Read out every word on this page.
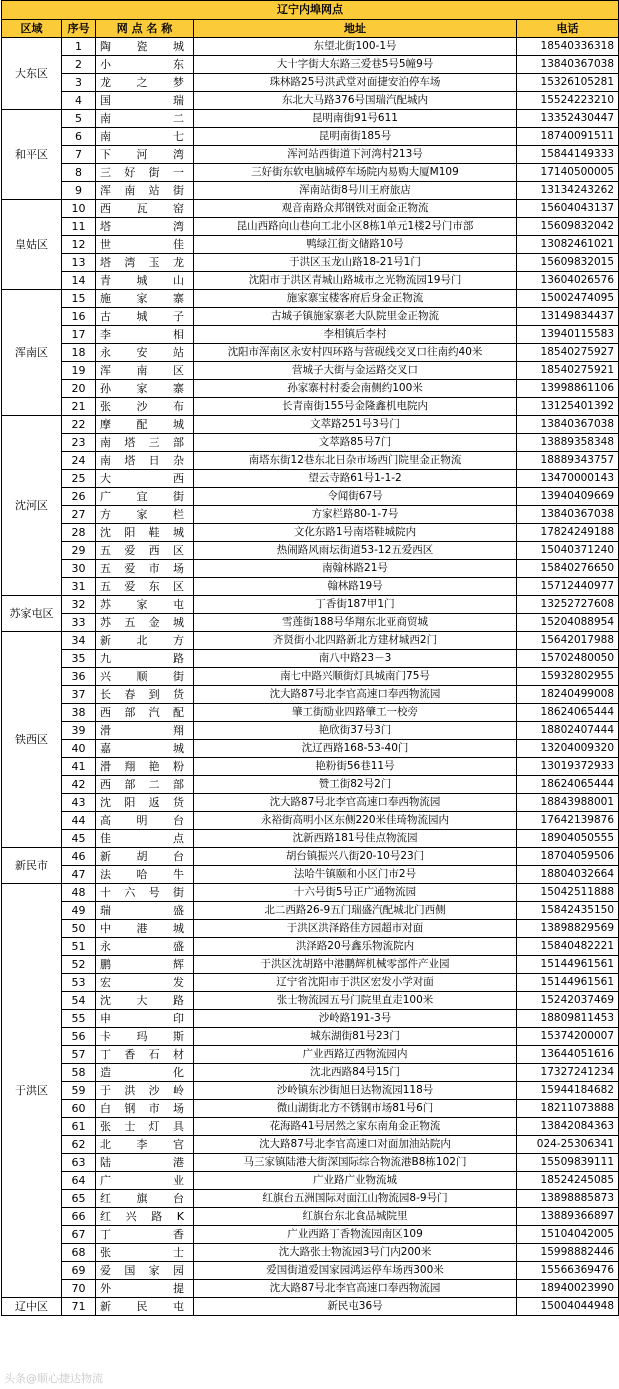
辽宁内埠网点				
区域	序号	网 点 名 称	地址	电话
大东区	1	陶 瓷 城	东望北街100-1号	18540336318
	2	小 东	大十字街大东路三爱巷5号5幢9号	13840367038
	3	龙 之 梦	珠林路25号洪武堂对面捷安泊停车场	15326105281
	4	国 瑞	东北大马路376号国瑞汽配城内	15524223210
和平区	5	南 二	昆明南街91号611	13352430447
	6	南 七	昆明南街185号	18740091511
	7	下 河 湾	浑河站西街道下河湾村213号	15844149333
	8	三 好 街 一	三好街东软电脑城停车场院内易购大厦M109	17140500005
	9	浑 南 站 街	浑南站街8号川王府旅店	13134243262
皇姑区	10	西 瓦 窑	观音南路众邦钢铁对面金正物流	15604043137
	11	塔 湾	昆山西路向山巷向工北小区8栋1单元1楼2号门市部	15609832042
	12	世 佳	鸭绿江街文储路10号	13082461021
	13	塔 湾 玉 龙	于洪区玉龙山路18-21号1门	15609832015
	14	青 城 山	沈阳市于洪区青城山路城市之光物流园19号门	13604026576
浑南区	15	施 家 寨	施家寨宝楼客府后身金正物流	15002474095
	16	古 城 子	古城子镇施家寨老大队院里金正物流	13149834437
	17	李 相	李相镇后李村	13940115583
	18	永 安 站	沈阳市浑南区永安村四环路与营砚线交叉口往南约40米	18540275927
	19	浑 南 区	营城子大街与金运路交叉口	18540275921
	20	孙 家 寨	孙家寨村村委会南侧约100米	13998861106
	21	张 沙 布	长青南街155号金隆鑫机电院内	13125401392
沈河区	22	摩 配 城	文萃路251号3号门	13840367038
	23	南 塔 三 部	文萃路85号7门	13889358348
	24	南 塔 日 杂	南塔东街12巷东北日杂市场西门院里金正物流	18889343757
	25	大 西	望云寺路61号1-1-2	13470000143
	26	广 宜 街	令闻街67号	13940409669
	27	方 家 栏	方家栏路80-1-7号	13840367038
	28	沈 阳 鞋 城	文化东路1号南塔鞋城院内	17824249188
	29	五 爱 西 区	热闹路风雨坛街道53-12五爱西区	15040371240
	30	五 爱 市 场	南翰林路21号	15840276650
	31	五 爱 东 区	翰林路19号	15712440977
苏家屯区	32	苏 家 屯	丁香街187甲1门	13252727608
	33	苏 五 金 城	雪莲街188号华翔东北亚商贸城	15204088954
铁西区	34	新 北 方	齐贤街小北四路新北方建材城西2门	15642017988
	35	九 路	南八中路23－3	15702480050
	36	兴 顺 街	南七中路兴顺街灯具城南门75号	15932802955
	37	长 春 到 货	沈大路87号北李官高速口奉西物流园	18240499008
	38	西 部 汽 配	肇工街励业四路肇工一校旁	18624065444
	39	滑 翔	艳欣街37号3门	18802407444
	40	嘉 城	沈辽西路168-53-40门	13204009320
	41	滑 翔 艳 粉	艳粉街56巷11号	13019372933
	42	西 部 二 部	赞工街82号2门	18624065444
	43	沈 阳 返 货	沈大路87号北李官高速口奉西物流园	18843988001
	44	高 明 台	永裕街高明小区东侧220米佳琦物流园内	17642139876
	45	佳 点	沈新西路181号佳点物流园	18904050555
新民市	46	新 胡 台	胡台镇振兴八街20-10号23门	18704059506
	47	法 哈 牛	法哈牛镇颐和小区门市2号	18804032664
于洪区	48	十 六 号 街	十六号街5号正广通物流园	15042511888
	49	瑞 盛	北二西路26-9五门瑞盛汽配城北门西侧	15842435150
	50	中 港 城	于洪区洪泽路佳方园超市对面	13898829569
	51	永 盛	洪泽路20号鑫乐物流院内	15840482221
	52	鹏 辉	于洪区沈胡路中港鹏辉机械零部件产业园	15144961561
	53	宏 发	辽宁省沈阳市于洪区宏发小学对面	15144961561
	54	沈 大 路	张士物流园五号门院里直走100米	15242037469
	55	申 印	沙岭路191-3号	18809811453
	56	卡 玛 斯	城东湖街81号23门	15374200007
	57	丁 香 石 材	广业西路辽西物流园内	13644051616
	58	造 化	沈北西路84号15门	17327241234
	59	于 洪 沙 岭	沙岭镇东沙街旭日达物流园118号	15944184682
	60	白 钢 市 场	微山湖街北方不锈钢市场81号6门	18211073888
	61	张 士 灯 具	花海路41号居然之家东南角金正物流	13842084363
	62	北 李 官	沈大路87号北李官高速口对面加油站院内	024-25306341
	63	陆 港	马三家镇陆港大街深国际综合物流港B8栋102门	15509839111
	64	广 业	广业路广业物流城	18524245085
	65	红 旗 台	红旗台五洲国际对面江山物流园8-9号门	13898885873
	66	红 兴 路 K	红旗台东北食品城院里	13889366897
	67	丁 香	广业西路丁香物流园南区109	15104042005
	68	张 士	沈大路张士物流园3号门内200米	15998882446
	69	爱 国 家 园	爱国街道爱国家园鸿运停车场西300米	15566369476
	70	外 提	沈大路87号北李官高速口奉西物流园	18940023990
辽中区	71	新 民 屯	新民屯36号	15004044948
头条@顺心捷达物流
